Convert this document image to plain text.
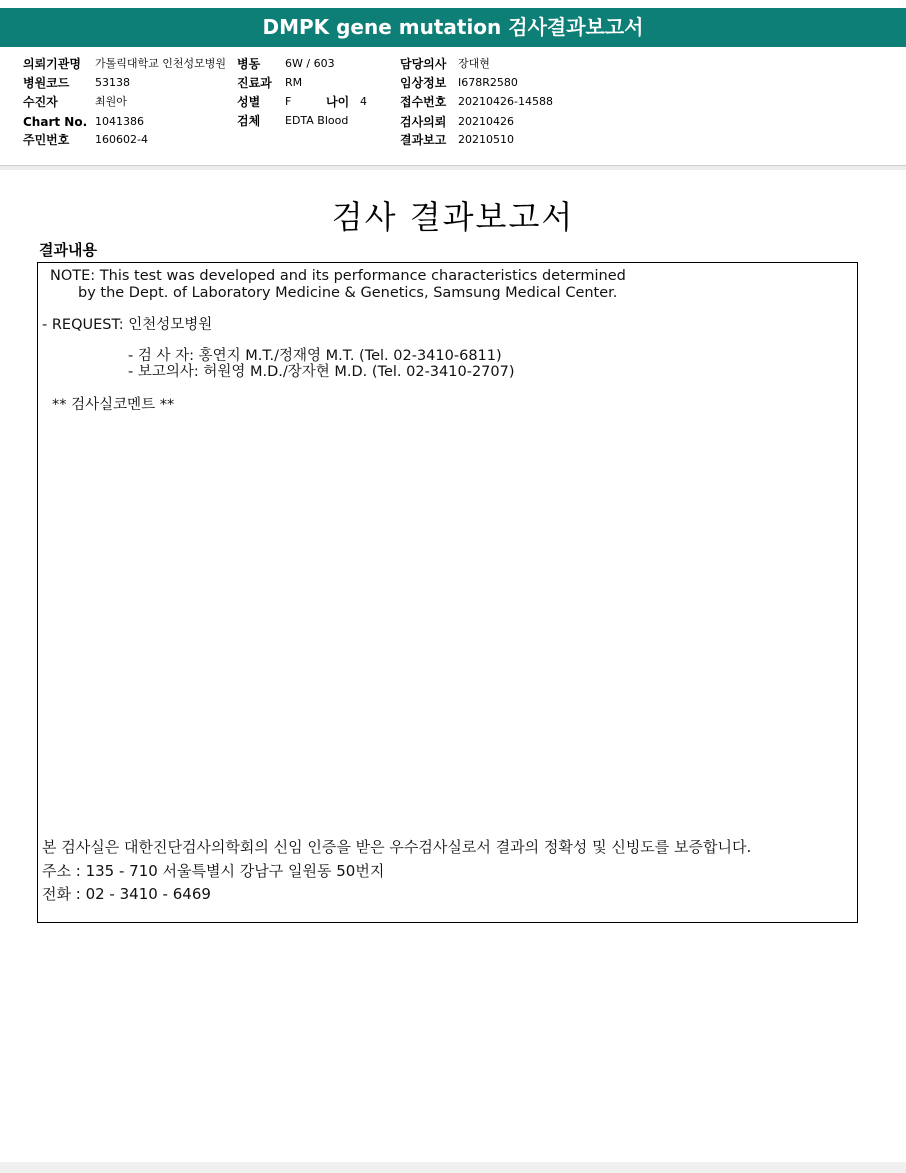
DMPK gene mutation 검사결과보고서
의뢰기관명 가톨릭대학교 인천성모병원
병원코드 53138
수진자	최원아
Chart No. 1041386
주민번호 160602-4
병동 6W / 603
진료과 RM
성별 F	나이 4
검체 EDTA Blood
담당의사 장대현
임상정보 I678R2580
접수번호 20210426-14588
검사의뢰 20210426
결과보고 20210510
검사 결과보고서
결과내용
NOTE: This test was developed and its performance characteristics determined
by the Dept. of Laboratory Medicine & Genetics, Samsung Medical Center.
- REQUEST: 인천성모병원
- 검 사 자: 홍연지 M.T./정재영 M.T. (Tel. 02-3410-6811)
- 보고의사: 허원영 M.D./장자현 M.D. (Tel. 02-3410-2707)
** 검사실코멘트 **
본 검사실은 대한진단검사의학회의 신임 인증을 받은 우수검사실로서 결과의 정확성 및 신빙도를 보증합니다.
주소 : 135 - 710 서울특별시 강남구 일원동 50번지
전화 : 02 - 3410 - 6469
